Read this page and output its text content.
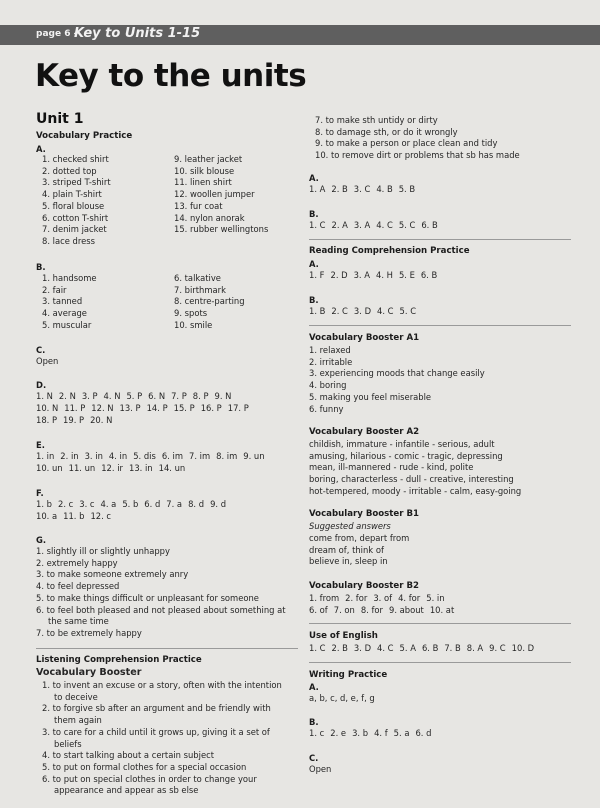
page 6 –
Key to Units 1-15
Key to the units
Unit 1
Vocabulary Practice
A.
1. checked shirt
2. dotted top
3. striped T-shirt
4. plain T-shirt
5. floral blouse
6. cotton T-shirt
7. denim jacket
8. lace dress
9. leather jacket
10. silk blouse
11. linen shirt
12. woollen jumper
13. fur coat
14. nylon anorak
15. rubber wellingtons
B.
1. handsome
2. fair
3. tanned
4. average
5. muscular
6. talkative
7. birthmark
8. centre-parting
9. spots
10. smile
C.
Open
D.
1. N 2. N 3. P 4. N 5. P 6. N 7. P 8. P 9. N
10. N 11. P 12. N 13. P 14. P 15. P 16. P 17. P
18. P 19. P 20. N
E.
1. in 2. in 3. in 4. in 5. dis 6. im 7. im 8. im 9. un
10. un 11. un 12. ir 13. in 14. un
F.
1. b 2. c 3. c 4. a 5. b 6. d 7. a 8. d 9. d
10. a 11. b 12. c
G.
1. slightly ill or slightly unhappy
2. extremely happy
3. to make someone extremely anry
4. to feel depressed
5. to make things difficult or unpleasant for someone
6. to feel both pleased and not pleased about something at the same time
7. to be extremely happy
Listening Comprehension Practice
Vocabulary Booster
1. to invent an excuse or a story, often with the intention to deceive
2. to forgive sb after an argument and be friendly with them again
3. to care for a child until it grows up, giving it a set of beliefs
4. to start talking about a certain subject
5. to put on formal clothes for a special occasion
6. to put on special clothes in order to change your appearance and appear as sb else
7. to make sth untidy or dirty
8. to damage sth, or do it wrongly
9. to make a person or place clean and tidy
10. to remove dirt or problems that sb has made
A.
1. A 2. B 3. C 4. B 5. B
B.
1. C 2. A 3. A 4. C 5. C 6. B
Reading Comprehension Practice
A.
1. F 2. D 3. A 4. H 5. E 6. B
B.
1. B 2. C 3. D 4. C 5. C
Vocabulary Booster A1
1. relaxed
2. irritable
3. experiencing moods that change easily
4. boring
5. making you feel miserable
6. funny
Vocabulary Booster A2
childish, immature - infantile - serious, adult
amusing, hilarious - comic - tragic, depressing
mean, ill-mannered - rude - kind, polite
boring, characterless - dull - creative, interesting
hot-tempered, moody - irritable - calm, easy-going
Vocabulary Booster B1
Suggested answers
come from, depart from
dream of, think of
believe in, sleep in
Vocabulary Booster B2
1. from 2. for 3. of 4. for 5. in
6. of 7. on 8. for 9. about 10. at
Use of English
1. C 2. B 3. D 4. C 5. A 6. B 7. B 8. A 9. C 10. D
Writing Practice
A.
a, b, c, d, e, f, g
B.
1. c 2. e 3. b 4. f 5. a 6. d
C.
Open
